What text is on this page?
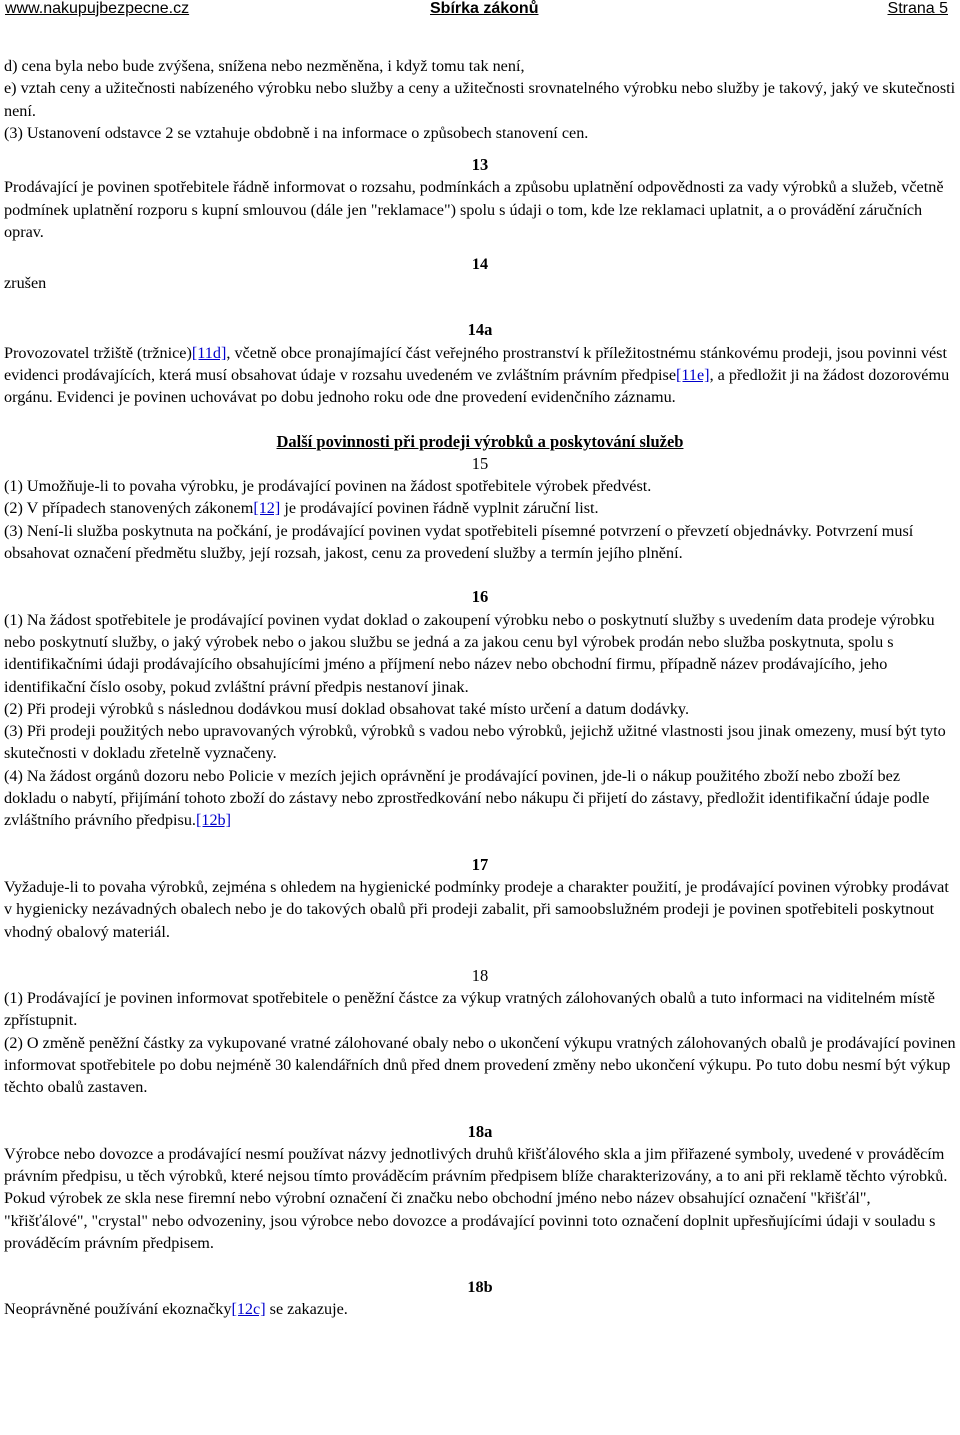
www.nakupujbezpecne.cz	Sbírka zákonů	Strana 5

d) cena byla nebo bude zvýšena, snížena nebo nezměněna, i když tomu tak není,

e) vztah ceny a užitečnosti nabízeného výrobku nebo služby a ceny a užitečnosti srovnatelného výrobku nebo služby je takový, jaký ve skutečnosti není.

(3) Ustanovení odstavce 2 se vztahuje obdobně i na informace o způsobech stanovení cen.

13

Prodávající je povinen spotřebitele řádně informovat o rozsahu, podmínkách a způsobu uplatnění odpovědnosti za vady výrobků a služeb, včetně podmínek uplatnění rozporu s kupní smlouvou (dále jen "reklamace") spolu s údaji o tom, kde lze reklamaci uplatnit, a o provádění záručních oprav.

14
zrušen

14a

Provozovatel tržiště (tržnice)[11d], včetně obce pronajímající část veřejného prostranství k příležitostnému stánkovému prodeji, jsou povinni vést evidenci prodávajících, která musí obsahovat údaje v rozsahu uvedeném ve zvláštním právním předpise[11e], a předložit ji na žádost dozorovému orgánu. Evidenci je povinen uchovávat po dobu jednoho roku ode dne provedení evidenčního záznamu.

Další povinnosti při prodeji výrobků a poskytování služeb

15

(1) Umožňuje-li to povaha výrobku, je prodávající povinen na žádost spotřebitele výrobek předvést.

(2) V případech stanovených zákonem[12] je prodávající povinen řádně vyplnit záruční list.

(3) Není-li služba poskytnuta na počkání, je prodávající povinen vydat spotřebiteli písemné potvrzení o převzetí objednávky. Potvrzení musí obsahovat označení předmětu služby, její rozsah, jakost, cenu za provedení služby a termín jejího plnění.

16

(1) Na žádost spotřebitele je prodávající povinen vydat doklad o zakoupení výrobku nebo o poskytnutí služby s uvedením data prodeje výrobku nebo poskytnutí služby, o jaký výrobek nebo o jakou službu se jedná a za jakou cenu byl výrobek prodán nebo služba poskytnuta, spolu s identifikačními údaji prodávajícího obsahujícími jméno a příjmení nebo název nebo obchodní firmu, případně název prodávajícího, jeho identifikační číslo osoby, pokud zvláštní právní předpis nestanoví jinak.

(2) Při prodeji výrobků s následnou dodávkou musí doklad obsahovat také místo určení a datum dodávky.

(3) Při prodeji použitých nebo upravovaných výrobků, výrobků s vadou nebo výrobků, jejichž užitné vlastnosti jsou jinak omezeny, musí být tyto skutečnosti v dokladu zřetelně vyznačeny.

(4) Na žádost orgánů dozoru nebo Policie v mezích jejich oprávnění je prodávající povinen, jde-li o nákup použitého zboží nebo zboží bez dokladu o nabytí, přijímání tohoto zboží do zástavy nebo zprostředkování nebo nákupu či přijetí do zástavy, předložit identifikační údaje podle zvláštního právního předpisu.[12b]

17

Vyžaduje-li to povaha výrobků, zejména s ohledem na hygienické podmínky prodeje a charakter použití, je prodávající povinen výrobky prodávat v hygienicky nezávadných obalech nebo je do takových obalů při prodeji zabalit, při samoobslužném prodeji je povinen spotřebiteli poskytnout vhodný obalový materiál.

18

(1) Prodávající je povinen informovat spotřebitele o peněžní částce za výkup vratných zálohovaných obalů a tuto informaci na viditelném místě zpřístupnit.

(2) O změně peněžní částky za vykupované vratné zálohované obaly nebo o ukončení výkupu vratných zálohovaných obalů je prodávající povinen informovat spotřebitele po dobu nejméně 30 kalendářních dnů před dnem provedení změny nebo ukončení výkupu. Po tuto dobu nesmí být výkup těchto obalů zastaven.

18a

Výrobce nebo dovozce a prodávající nesmí používat názvy jednotlivých druhů křišťálového skla a jim přiřazené symboly, uvedené v prováděcím právním předpisu, u těch výrobků, které nejsou tímto prováděcím právním předpisem blíže charakterizovány, a to ani při reklamě těchto výrobků. Pokud výrobek ze skla nese firemní nebo výrobní označení či značku nebo obchodní jméno nebo název obsahující označení "křišťál", "křišťálové", "crystal" nebo odvozeniny, jsou výrobce nebo dovozce a prodávající povinni toto označení doplnit upřesňujícími údaji v souladu s prováděcím právním předpisem.

18b
Neoprávněné používání ekoznačky[12c] se zakazuje.
